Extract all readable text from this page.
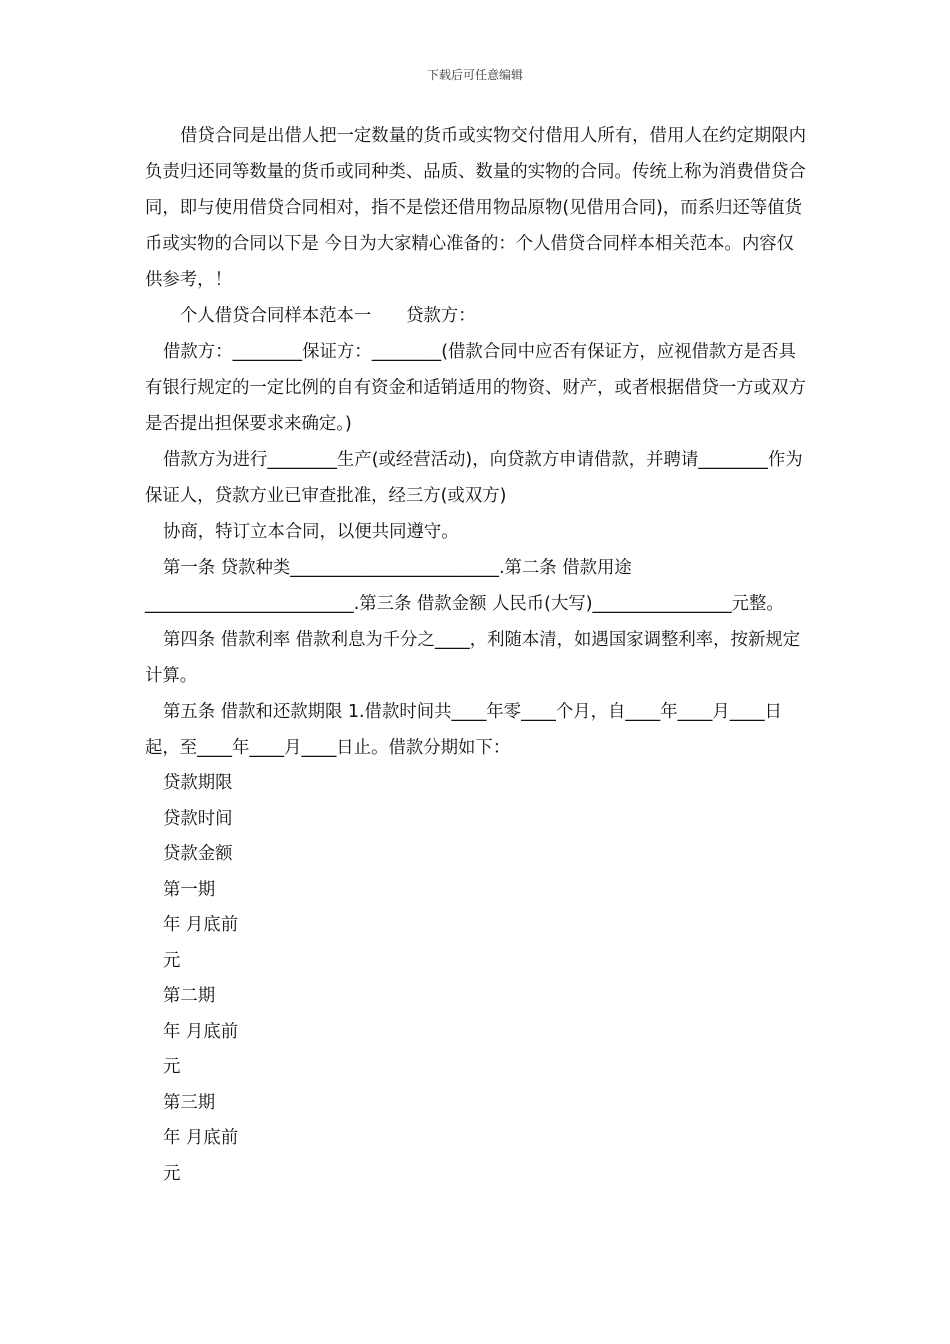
下载后可任意编辑

借贷合同是出借人把一定数量的货币或实物交付借用人所有，借用人在约定期限内负责归还同等数量的货币或同种类、品质、数量的实物的合同。传统上称为消费借贷合同，即与使用借贷合同相对，指不是偿还借用物品原物(见借用合同)，而系归还等值货币或实物的合同以下是 今日为大家精心准备的：个人借贷合同样本相关范本。内容仅供参考，！

个人借贷合同样本范本一　　贷款方：

借款方：________保证方：________(借款合同中应否有保证方，应视借款方是否具有银行规定的一定比例的自有资金和适销适用的物资、财产，或者根据借贷一方或双方是否提出担保要求来确定。)

借款方为进行________生产(或经营活动)，向贷款方申请借款，并聘请________作为保证人，贷款方业已审查批准，经三方(或双方)

协商，特订立本合同，以便共同遵守。

第一条 贷款种类________________________.第二条 借款用途________________________.第三条 借款金额 人民币(大写)________________元整。

第四条 借款利率 借款利息为千分之____，利随本清，如遇国家调整利率，按新规定计算。

第五条 借款和还款期限 1.借款时间共____年零____个月，自____年____月____日起，至____年____月____日止。借款分期如下：

贷款期限
贷款时间
贷款金额
第一期
年 月底前
元
第二期
年 月底前
元
第三期
年 月底前
元
